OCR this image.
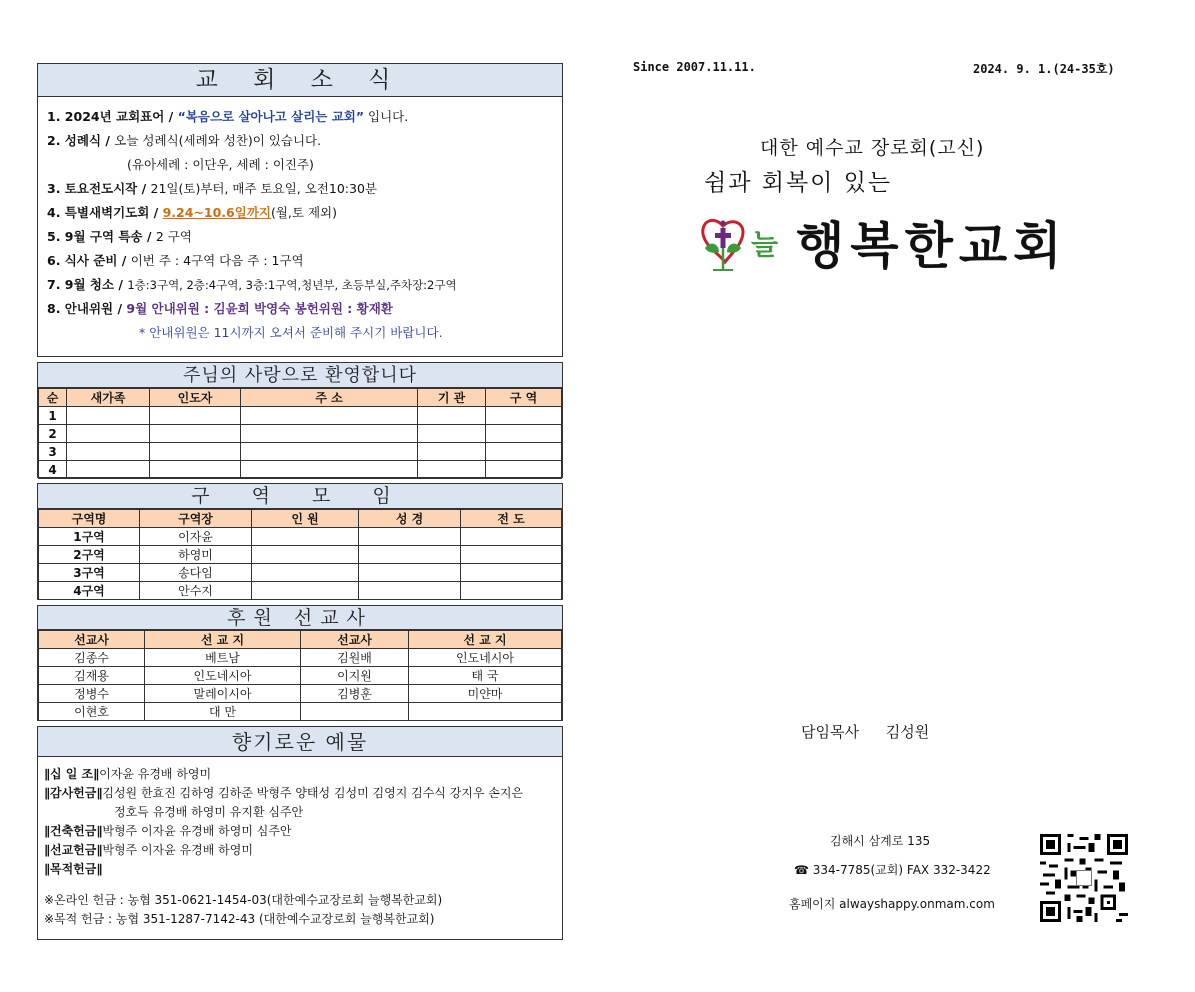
교 회 소 식
1. 2024년 교회표어 / “복음으로 살아나고 살리는 교회” 입니다.
2. 성례식 / 오늘 성례식(세례와 성찬)이 있습니다.
(유아세례 : 이단우, 세례 : 이진주)
3. 토요전도시작 / 21일(토)부터, 매주 토요일, 오전10:30분
4. 특별새벽기도회 / 9.24~10.6일까지(월,토 제외)
5. 9월 구역 특송 / 2 구역
6. 식사 준비 / 이번 주 : 4구역 다음 주 : 1구역
7. 9월 청소 / 1층:3구역, 2층:4구역, 3층:1구역,청년부, 초등부실,주차장:2구역
8. 안내위원 / 9월 안내위원 : 김윤희 박영숙 봉헌위원 : 황재환
* 안내위원은 11시까지 오셔서 준비해 주시기 바랍니다.
주님의 사랑으로 환영합니다
순	새가족	인도자	주 소	기 관	구 역
1					
2					
3					
4					
구 역 모 임
구역명	구역장	인 원	성 경	전 도
1구역	이자윤			
2구역	하영미			
3구역	송다임			
4구역	안수지			
후원 선교사
선교사	선 교 지	선교사	선 교 지
김종수	베트남	김원배	인도네시아
김재용	인도네시아	이지원	태 국
정병수	말레이시아	김병훈	미얀마
이현호	대 만		
향기로운 예물
∥십 일 조∥이자윤 유경배 하영미
∥감사헌금∥김성원 한효진 김하영 김하준 박형주 양태성 김성미 김영지 김수식 강지우 손지은
정호득 유경배 하영미 유지환 심주안
∥건축헌금∥박형주 이자윤 유경배 하영미 심주안
∥선교헌금∥박형주 이자윤 유경배 하영미
∥목적헌금∥
※온라인 헌금 : 농협 351-0621-1454-03(대한예수교장로회 늘행복한교회)
※목적 헌금 : 농협 351-1287-7142-43 (대한예수교장로회 늘행복한교회)
Since 2007.11.11.	2024. 9. 1.(24-35호)
대한 예수교 장로회(고신)
쉼과 회복이 있는
늘 행복한교회
담임목사 김성원
김해시 삼계로 135
☎ 334-7785(교회) FAX 332-3422
홈페이지 alwayshappy.onmam.com
